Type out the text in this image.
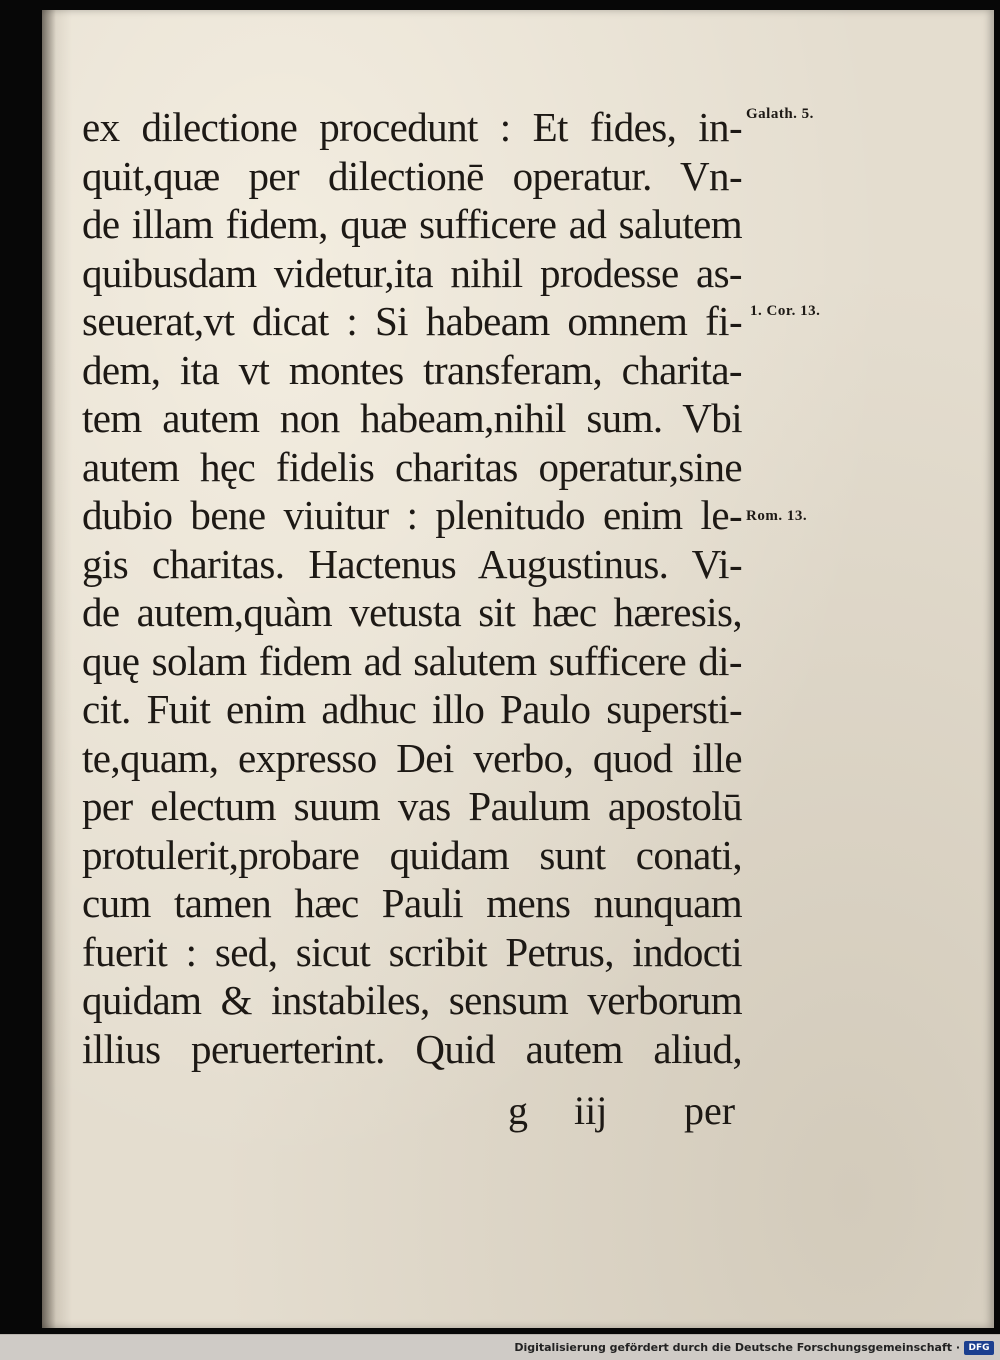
ex dilectione procedunt : Et fides, in-
quit,quæ per dilectionē operatur. Vn-
de illam fidem, quæ sufficere ad salutem
quibusdam videtur,ita nihil prodesse as-
seuerat,vt dicat : Si habeam omnem fi-
dem, ita vt montes transferam, charita-
tem autem non habeam,nihil sum. Vbi
autem hęc fidelis charitas operatur,sine
dubio bene viuitur : plenitudo enim le-
gis charitas. Hactenus Augustinus. Vi-
de autem,quàm vetusta sit hæc hæresis,
quę solam fidem ad salutem sufficere di-
cit. Fuit enim adhuc illo Paulo supersti-
te,quam, expresso Dei verbo, quod ille
per electum suum vas Paulum apostolū
protulerit,probare quidam sunt conati,
cum tamen hæc Pauli mens nunquam
fuerit : sed, sicut scribit Petrus, indocti
quidam & instabiles, sensum verborum
illius peruerterint. Quid autem aliud,
Galath. 5.
1. Cor. 13.
Rom. 13.
g iij per
Digitalisierung gefördert durch die Deutsche Forschungsgemeinschaft · DFG
